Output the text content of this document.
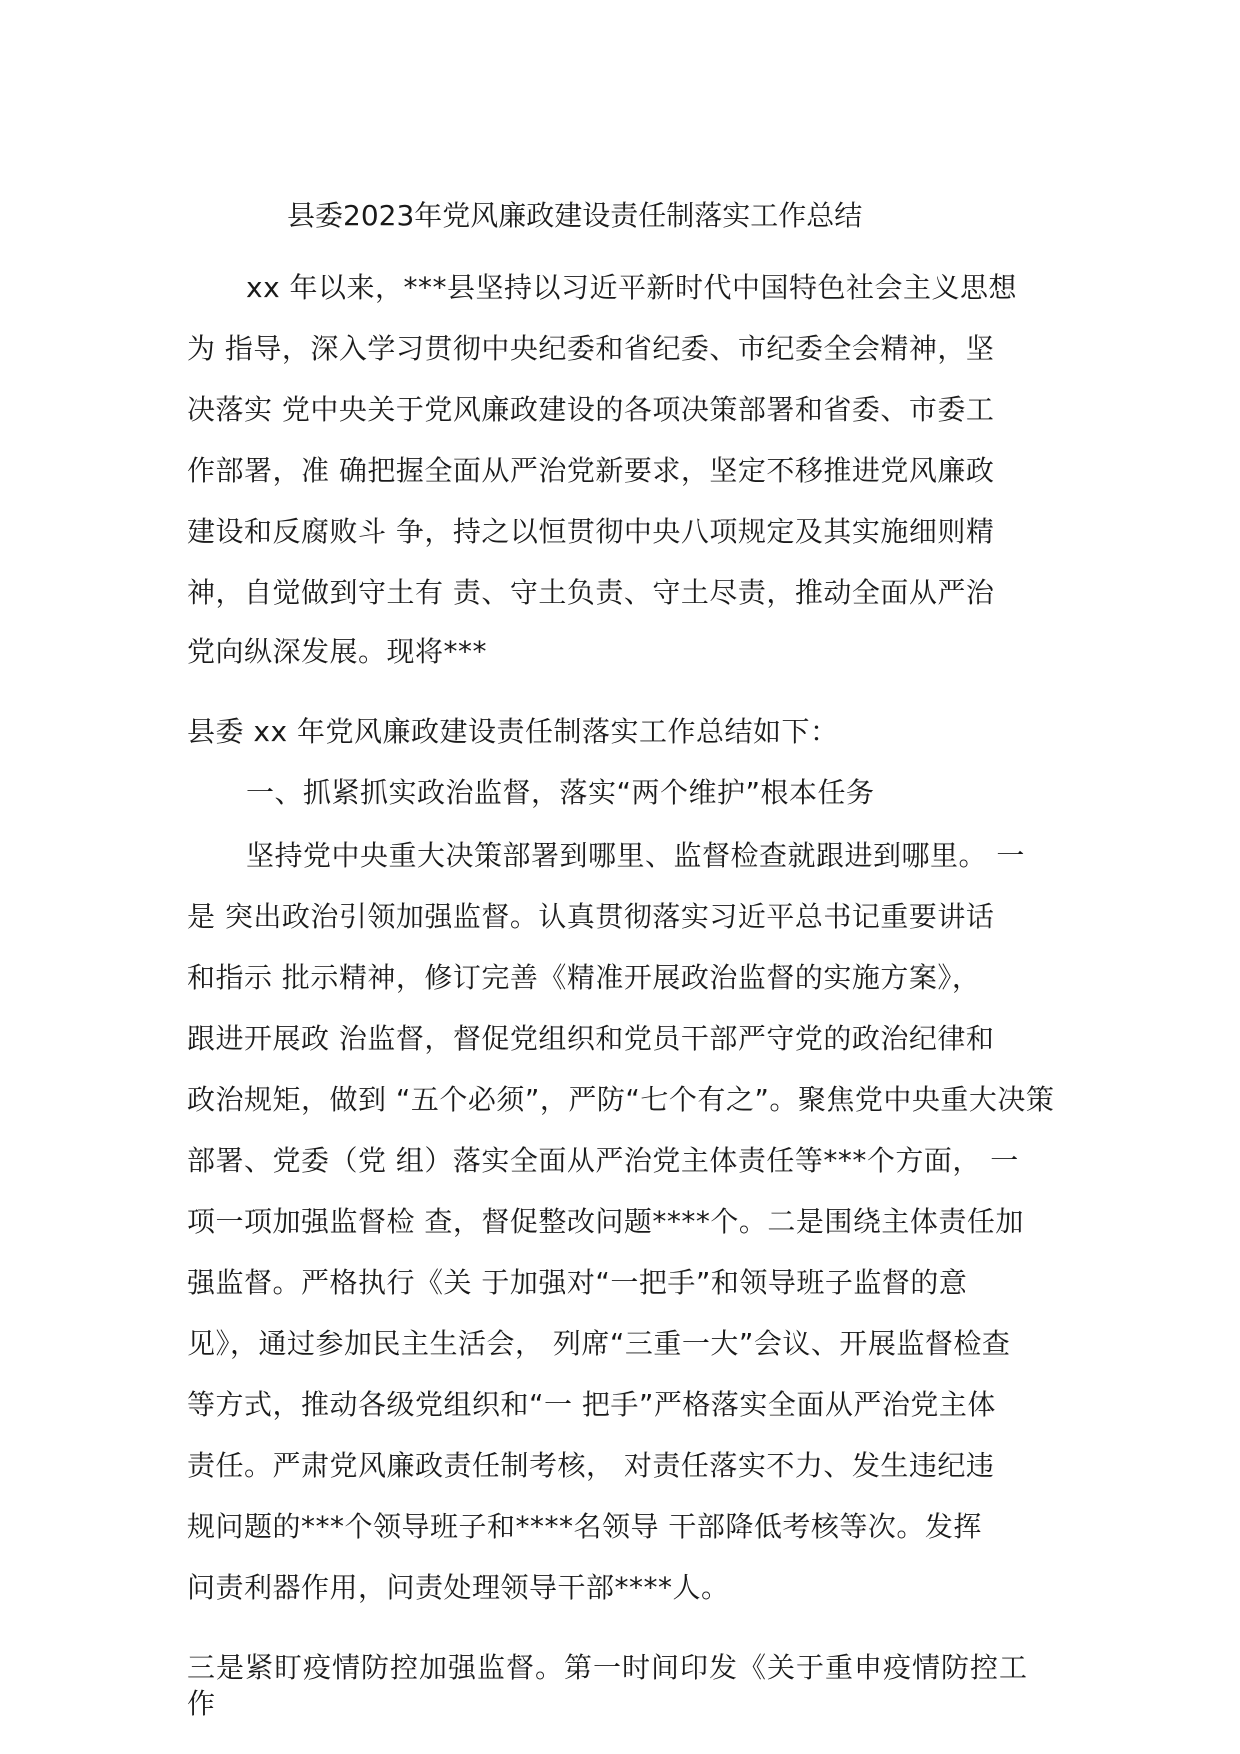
县委2023年党风廉政建设责任制落实工作总结
xx 年以来，***县坚持以习近平新时代中国特色社会主义思想
为 指导，深入学习贯彻中央纪委和省纪委、市纪委全会精神，坚
决落实 党中央关于党风廉政建设的各项决策部署和省委、市委工
作部署，准 确把握全面从严治党新要求，坚定不移推进党风廉政
建设和反腐败斗 争，持之以恒贯彻中央八项规定及其实施细则精
神，自觉做到守土有 责、守土负责、守土尽责，推动全面从严治
党向纵深发展。现将***
县委 xx 年党风廉政建设责任制落实工作总结如下：
一、抓紧抓实政治监督，落实“两个维护”根本任务
坚持党中央重大决策部署到哪里、监督检查就跟进到哪里。 一
是 突出政治引领加强监督。认真贯彻落实习近平总书记重要讲话
和指示 批示精神，修订完善《精准开展政治监督的实施方案》，
跟进开展政 治监督，督促党组织和党员干部严守党的政治纪律和
政治规矩，做到 “五个必须”，严防“七个有之”。聚焦党中央重大决策
部署、党委（党 组）落实全面从严治党主体责任等***个方面， 一
项一项加强监督检 查，督促整改问题****个。二是围绕主体责任加
强监督。严格执行《关 于加强对“一把手”和领导班子监督的意
见》，通过参加民主生活会， 列席“三重一大”会议、开展监督检查
等方式，推动各级党组织和“一 把手”严格落实全面从严治党主体
责任。严肃党风廉政责任制考核， 对责任落实不力、发生违纪违
规问题的***个领导班子和****名领导 干部降低考核等次。发挥
问责利器作用，问责处理领导干部****人。
三是紧盯疫情防控加强监督。第一时间印发《关于重申疫情防控工
作
